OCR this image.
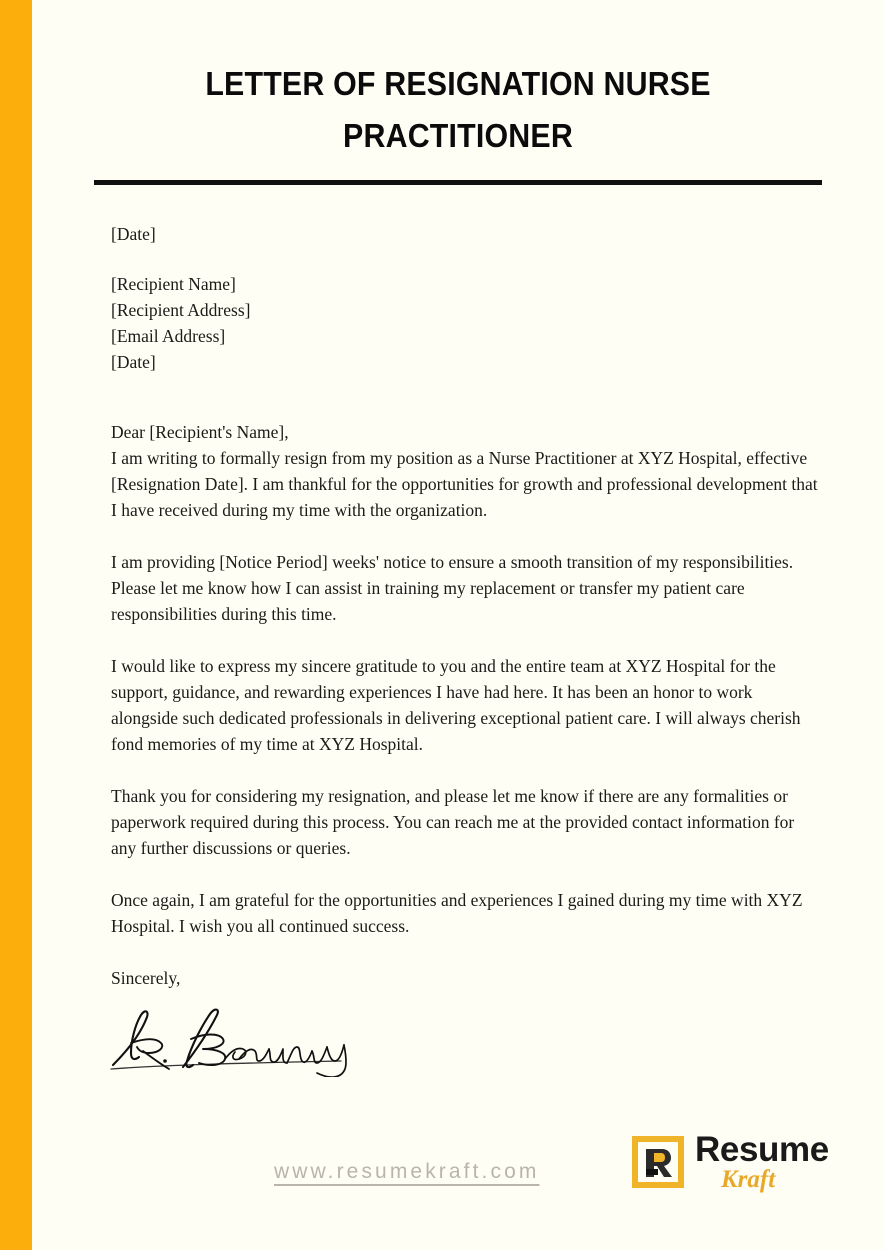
LETTER OF RESIGNATION NURSE PRACTITIONER
[Date]
[Recipient Name]
[Recipient Address]
[Email Address]
[Date]
Dear [Recipient's Name],

I am writing to formally resign from my position as a Nurse Practitioner at XYZ Hospital, effective [Resignation Date]. I am thankful for the opportunities for growth and professional development that I have received during my time with the organization.

I am providing [Notice Period] weeks' notice to ensure a smooth transition of my responsibilities. Please let me know how I can assist in training my replacement or transfer my patient care responsibilities during this time.

I would like to express my sincere gratitude to you and the entire team at XYZ Hospital for the support, guidance, and rewarding experiences I have had here. It has been an honor to work alongside such dedicated professionals in delivering exceptional patient care. I will always cherish fond memories of my time at XYZ Hospital.

Thank you for considering my resignation, and please let me know if there are any formalities or paperwork required during this process. You can reach me at the provided contact information for any further discussions or queries.

Once again, I am grateful for the opportunities and experiences I gained during my time with XYZ Hospital. I wish you all continued success.

Sincerely,
www.resumekraft.com
Resume
Kraft
